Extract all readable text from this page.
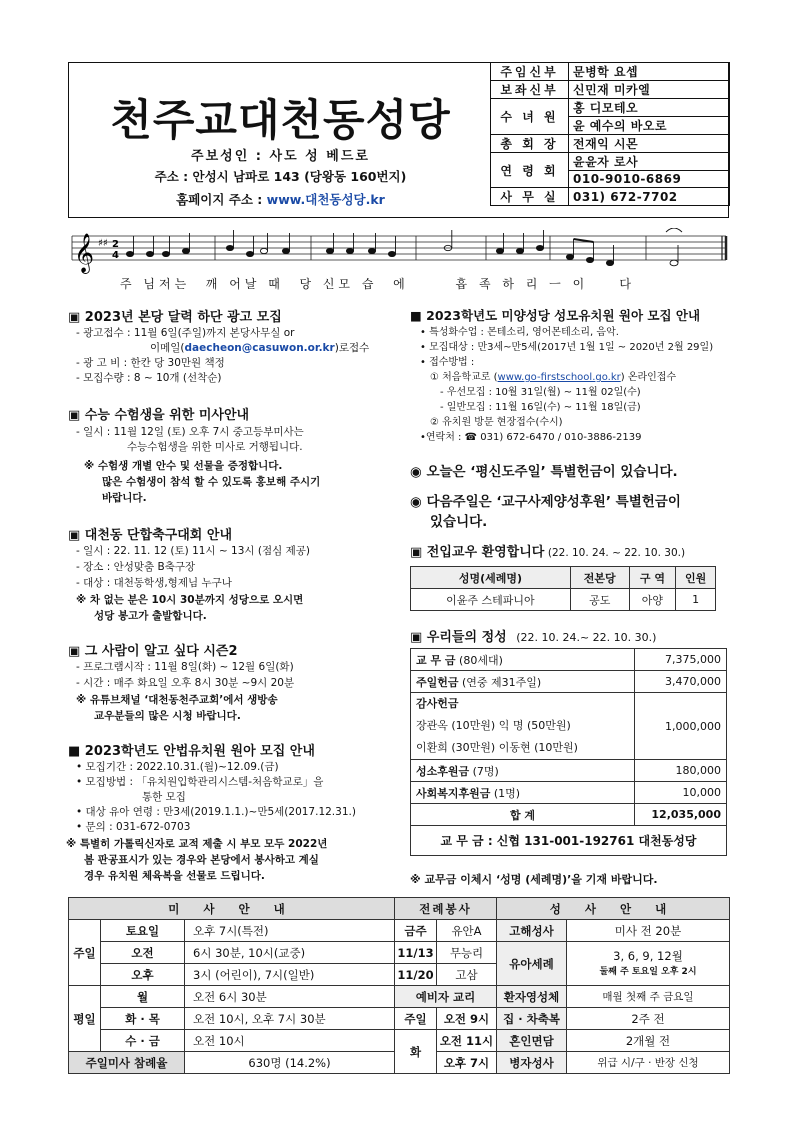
천주교대천동성당
주보성인 : 사도 성 베드로
주소 : 안성시 남파로 143 (당왕동 160번지)
홈페이지 주소 : www.대천동성당.kr
주임신부	문병학 요셉
보좌신부	신민재 미카엘
수 녀 원	홍 디모테오
	윤 예수의 바오로
총 회 장	전재익 시몬
연 령 회	윤윤자 로사
	010-9010-6869
사 무 실	031) 672-7702
𝄞 ♯♯ 2
4
주 님저는  깨 어날 때  당 신모 습  에      흡 족 하 리 ㅡ 이    다
▣ 2023년 본당 달력 하단 광고 모집
- 광고접수 : 11월 6일(주일)까지 본당사무실 or
이메일(daecheon@casuwon.or.kr)로접수
- 광 고 비 : 한칸 당 30만원 책정
- 모집수량 : 8 ~ 10개 (선착순)
▣ 수능 수험생을 위한 미사안내
- 일시 : 11월 12일 (토) 오후 7시 중고등부미사는
수능수험생을 위한 미사로 거행됩니다.
※ 수험생 개별 안수 및 선물을 증정합니다.
많은 수험생이 참석 할 수 있도록 홍보해 주시기
바랍니다.
▣ 대천동 단합축구대회 안내
- 일시 : 22. 11. 12 (토) 11시 ~ 13시 (점심 제공)
- 장소 : 안성맞춤 B축구장
- 대상 : 대천동학생,형제님 누구나
※ 차 없는 분은 10시 30분까지 성당으로 오시면
성당 봉고가 출발합니다.
▣ 그 사람이 알고 싶다 시즌2
- 프로그램시작 : 11월 8일(화) ~ 12월 6일(화)
- 시간 : 매주 화요일 오후 8시 30분 ~9시 20분
※ 유튜브채널 ‘대천동천주교회’에서 생방송
교우분들의 많은 시청 바랍니다.
■ 2023학년도 안법유치원 원아 모집 안내
• 모집기간 : 2022.10.31.(월)~12.09.(금)
• 모집방법 : 「유치원입학관리시스템-처음학교로」을
통한 모집
• 대상 유아 연령 : 만3세(2019.1.1.)~만5세(2017.12.31.)
• 문의 : 031-672-0703
※ 특별히 가톨릭신자로 교적 제출 시 부모 모두 2022년
봄 판공표시가 있는 경우와 본당에서 봉사하고 계실
경우 유치원 체육복을 선물로 드립니다.
■ 2023학년도 미양성당 성모유치원 원아 모집 안내
• 특성화수업 : 몬테소리, 영어몬테소리, 음악.
• 모집대상 : 만3세~만5세(2017년 1월 1일 ~ 2020년 2월 29일)
• 접수방법 :
① 처음학교로 (www.go-firstschool.go.kr) 온라인접수
- 우선모집 : 10월 31일(월) ~ 11월 02일(수)
- 일반모집 : 11월 16일(수) ~ 11월 18일(금)
② 유치원 방문 현장접수(수시)
•연락처 : ☎ 031) 672-6470 / 010-3886-2139
◉ 오늘은 ‘평신도주일’ 특별헌금이 있습니다.
◉ 다음주일은 ‘교구사제양성후원’ 특별헌금이
있습니다.
▣ 전입교우 환영합니다 (22. 10. 24. ~ 22. 10. 30.)
성명(세례명)	전본당	구 역	인원
이윤주 스테파니아	공도	아양	1
▣ 우리들의 정성 (22. 10. 24.~ 22. 10. 30.)
교 무 금 (80세대)	7,375,000
주일헌금 (연중 제31주일)	3,470,000
감사헌금
장관옥 (10만원) 익 명 (50만원)
이환희 (30만원) 이동현 (10만원)	1,000,000
성소후원금 (7명)	180,000
사회복지후원금 (1명)	10,000
합 계	12,035,000
교 무 금 : 신협 131-001-192761 대천동성당	
※ 교무금 이체시 ‘성명 (세례명)’을 기재 바랍니다.
미 사 안 내			전례봉사		성 사 안 내	
주일	토요일	오후 7시(특전)	금주	유안A	고해성사	미사 전 20분
	오전	6시 30분, 10시(교중)	11/13	무능리	유아세례	3, 6, 9, 12월
둘째 주 토요일 오후 2시
	오후	3시 (어린이), 7시(일반)	11/20	고삼		
평일	월	오전 6시 30분	예비자 교리		환자영성체	매월 첫째 주 금요일
	화 · 목	오전 10시, 오후 7시 30분	주일	오전 9시	집 · 차축복	2주 전
	수 · 금	오전 10시	화	오전 11시	혼인면담	2개월 전
주일미사 참례율		630명 (14.2%)		오후 7시	병자성사	위급 시/구 · 반장 신청
